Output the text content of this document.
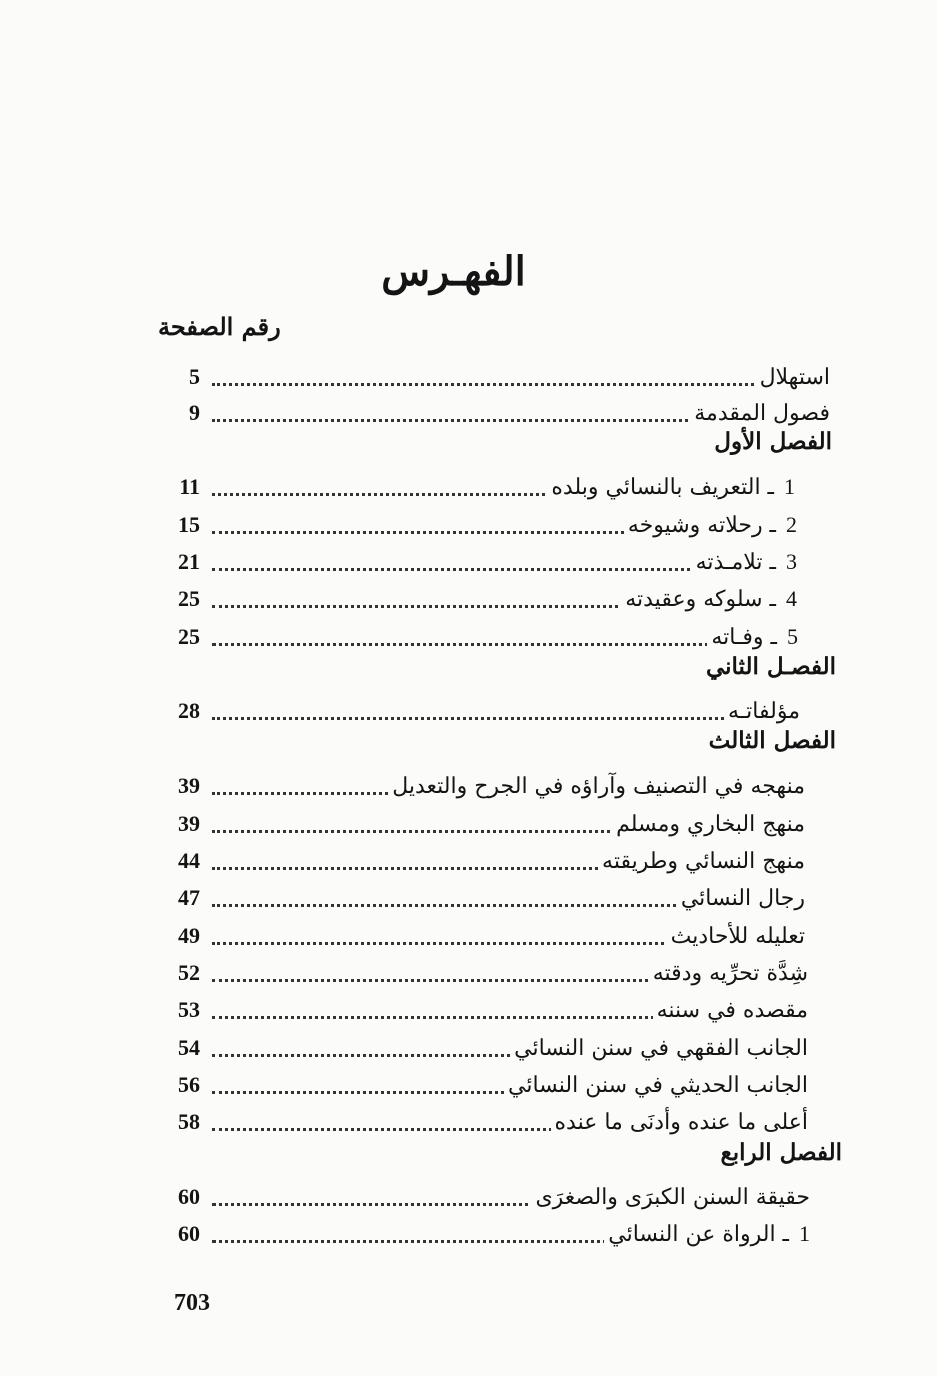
الفهـرس
رقم الصفحة
5	استهلال
9	فصول المقدمة
الفصل الأول
11	1ـ التعريف بالنسائي وبلده
15	2ـ رحلاته وشيوخه
21	3ـ تلامـذته
25	4ـ سلوكه وعقيدته
25	5ـ وفـاته
الفصـل الثاني
28	مؤلفاتـه
الفصل الثالث
39	منهجه في التصنيف وآراؤه في الجرح والتعديل
39	منهج البخاري ومسلم
44	منهج النسائي وطريقته
47	رجال النسائي
49	تعليله للأحاديث
52	شِدَّة تحرِّيه ودقته
53	مقصده في سننه
54	الجانب الفقهي في سنن النسائي
56	الجانب الحديثي في سنن النسائي
58	أعلى ما عنده وأدنَى ما عنده
الفصل الرابع
60	حقيقة السنن الكبرَى والصغرَى
60	1ـ الرواة عن النسائي
703
